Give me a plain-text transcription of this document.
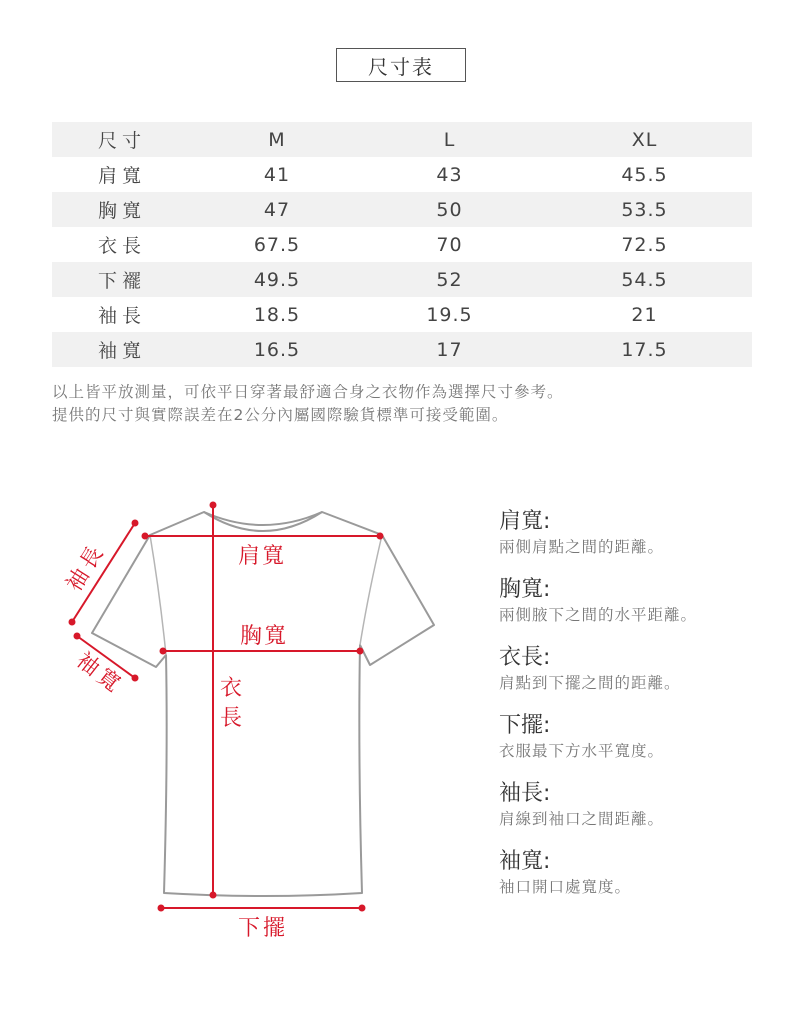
尺寸表
尺寸	M	L	XL
肩寬	41	43	45.5
胸寬	47	50	53.5
衣長	67.5	70	72.5
下襬	49.5	52	54.5
袖長	18.5	19.5	21
袖寬	16.5	17	17.5
以上皆平放測量，可依平日穿著最舒適合身之衣物作為選擇尺寸參考。
提供的尺寸與實際誤差在2公分內屬國際驗貨標準可接受範圍。
肩寬
胸寬
衣
長
下擺
袖長
袖寬
肩寬:
兩側肩點之間的距離。
胸寬:
兩側腋下之間的水平距離。
衣長:
肩點到下擺之間的距離。
下擺:
衣服最下方水平寬度。
袖長:
肩線到袖口之間距離。
袖寬:
袖口開口處寬度。
